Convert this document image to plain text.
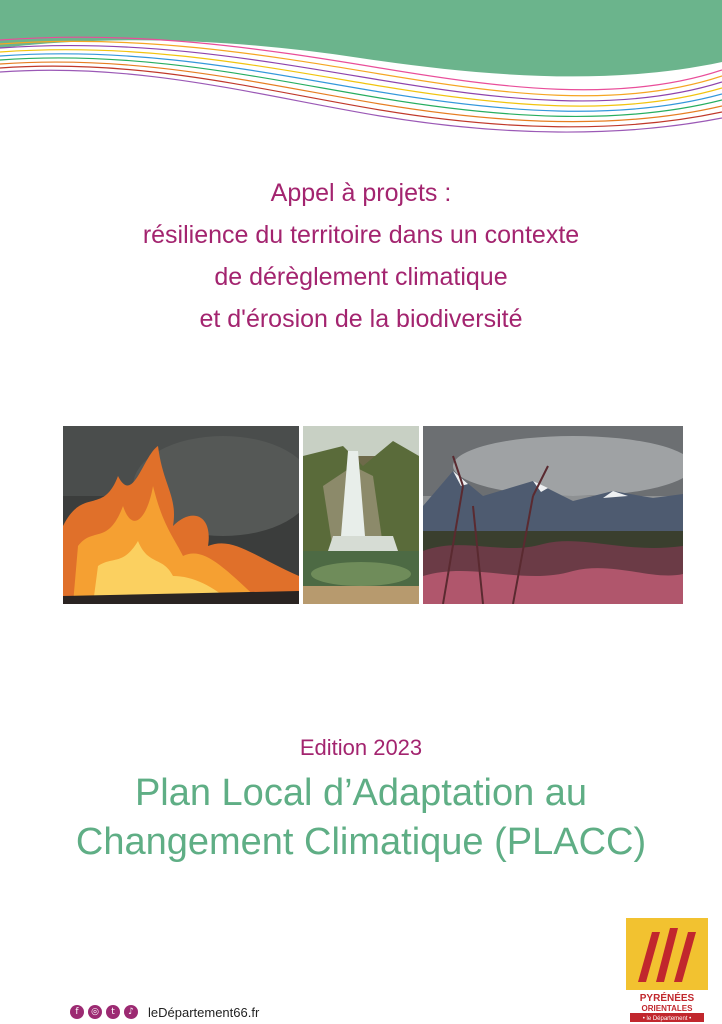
Appel à projets :
résilience du territoire dans un contexte
de dérèglement climatique
et d'érosion de la biodiversité
Edition 2023
Plan Local d’Adaptation au
Changement Climatique (PLACC)
f	◎	t	♪	leDépartement66.fr
PYRÉNÉES
ORIENTALES
• le Département •
